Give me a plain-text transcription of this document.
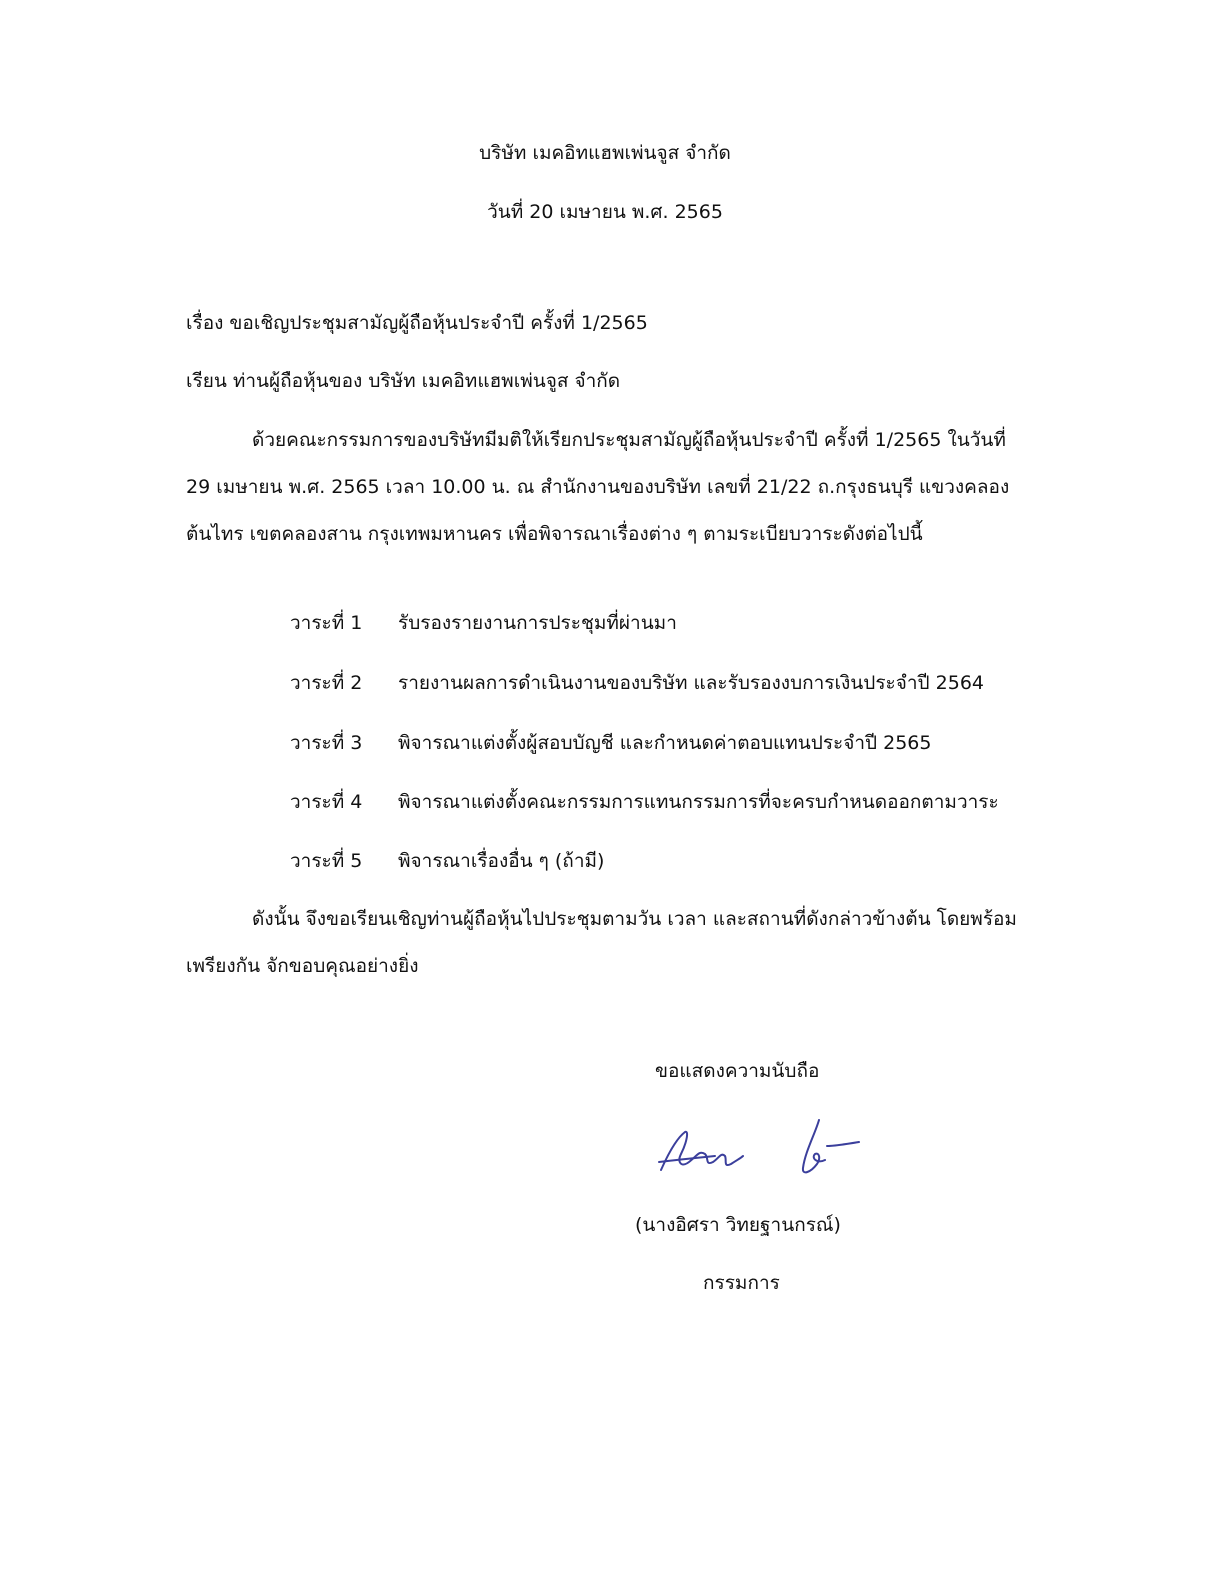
บริษัท เมคอิทแฮพเพ่นจูส จำกัด
วันที่ 20 เมษายน พ.ศ. 2565
เรื่อง ขอเชิญประชุมสามัญผู้ถือหุ้นประจำปี ครั้งที่ 1/2565
เรียน ท่านผู้ถือหุ้นของ บริษัท เมคอิทแฮพเพ่นจูส จำกัด

ด้วยคณะกรรมการของบริษัทมีมติให้เรียกประชุมสามัญผู้ถือหุ้นประจำปี ครั้งที่ 1/2565 ในวันที่ 29 เมษายน พ.ศ. 2565 เวลา 10.00 น. ณ สำนักงานของบริษัท เลขที่ 21/22 ถ.กรุงธนบุรี แขวงคลองต้นไทร เขตคลองสาน กรุงเทพมหานคร เพื่อพิจารณาเรื่องต่าง ๆ ตามระเบียบวาระดังต่อไปนี้

วาระที่ 1 รับรองรายงานการประชุมที่ผ่านมา
วาระที่ 2 รายงานผลการดำเนินงานของบริษัท และรับรองงบการเงินประจำปี 2564
วาระที่ 3 พิจารณาแต่งตั้งผู้สอบบัญชี และกำหนดค่าตอบแทนประจำปี 2565
วาระที่ 4 พิจารณาแต่งตั้งคณะกรรมการแทนกรรมการที่จะครบกำหนดออกตามวาระ
วาระที่ 5 พิจารณาเรื่องอื่น ๆ (ถ้ามี)

ดังนั้น จึงขอเรียนเชิญท่านผู้ถือหุ้นไปประชุมตามวัน เวลา และสถานที่ดังกล่าวข้างต้น โดยพร้อมเพรียงกัน จักขอบคุณอย่างยิ่ง

ขอแสดงความนับถือ
(นางอิศรา วิทยฐานกรณ์)
กรรมการ
